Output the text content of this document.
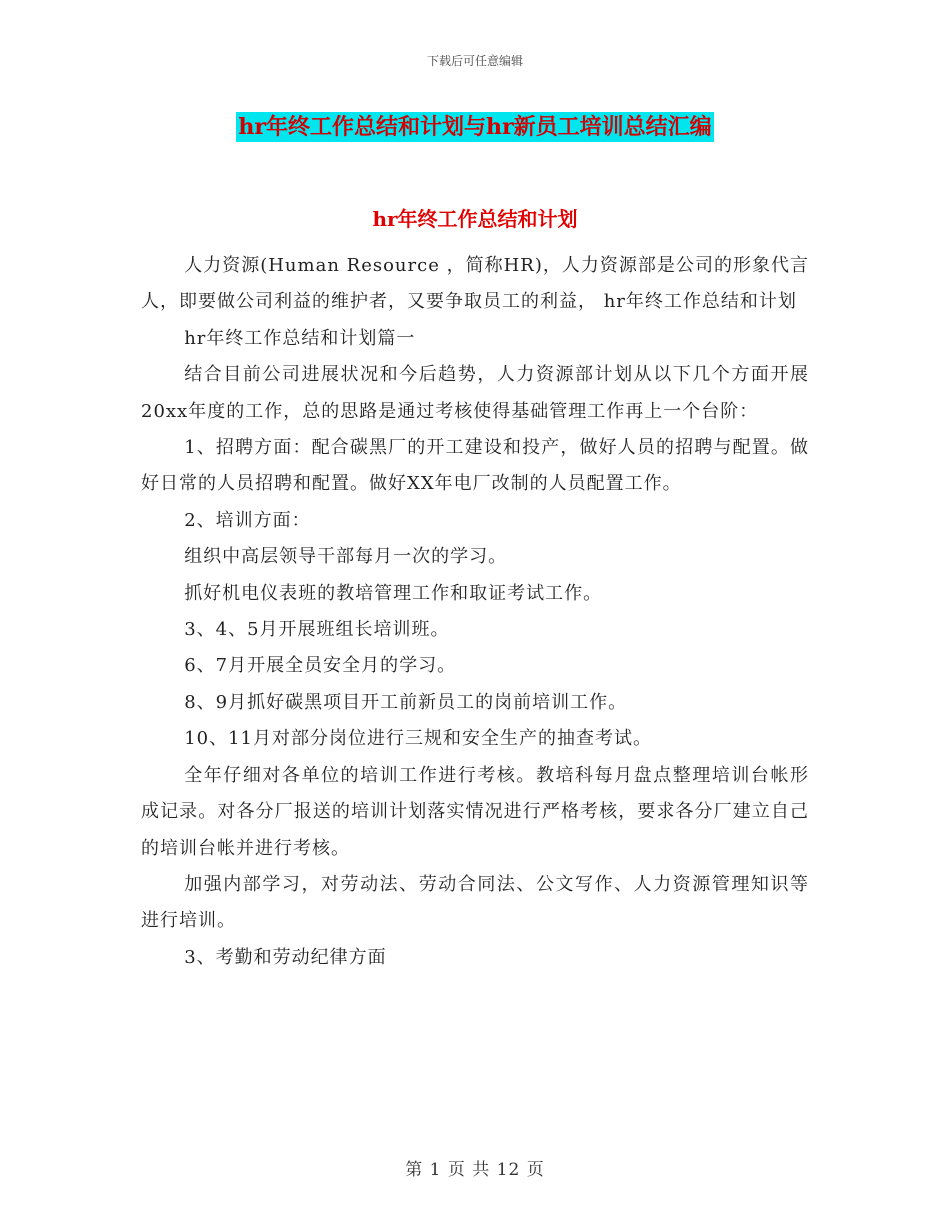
下载后可任意编辑
hr年终工作总结和计划与hr新员工培训总结汇编
hr年终工作总结和计划

人力资源(Human Resource ，简称HR)，人力资源部是公司的形象代言人，即要做公司利益的维护者，又要争取员工的利益， hr年终工作总结和计划

hr年终工作总结和计划篇一

结合目前公司进展状况和今后趋势，人力资源部计划从以下几个方面开展20xx年度的工作，总的思路是通过考核使得基础管理工作再上一个台阶：

1、招聘方面：配合碳黑厂的开工建设和投产，做好人员的招聘与配置。做好日常的人员招聘和配置。做好XX年电厂改制的人员配置工作。

2、培训方面：

组织中高层领导干部每月一次的学习。

抓好机电仪表班的教培管理工作和取证考试工作。

3、4、5月开展班组长培训班。

6、7月开展全员安全月的学习。

8、9月抓好碳黑项目开工前新员工的岗前培训工作。

10、11月对部分岗位进行三规和安全生产的抽查考试。

全年仔细对各单位的培训工作进行考核。教培科每月盘点整理培训台帐形成记录。对各分厂报送的培训计划落实情况进行严格考核，要求各分厂建立自己的培训台帐并进行考核。

加强内部学习，对劳动法、劳动合同法、公文写作、人力资源管理知识等进行培训。

3、考勤和劳动纪律方面

第 1 页 共 12 页
